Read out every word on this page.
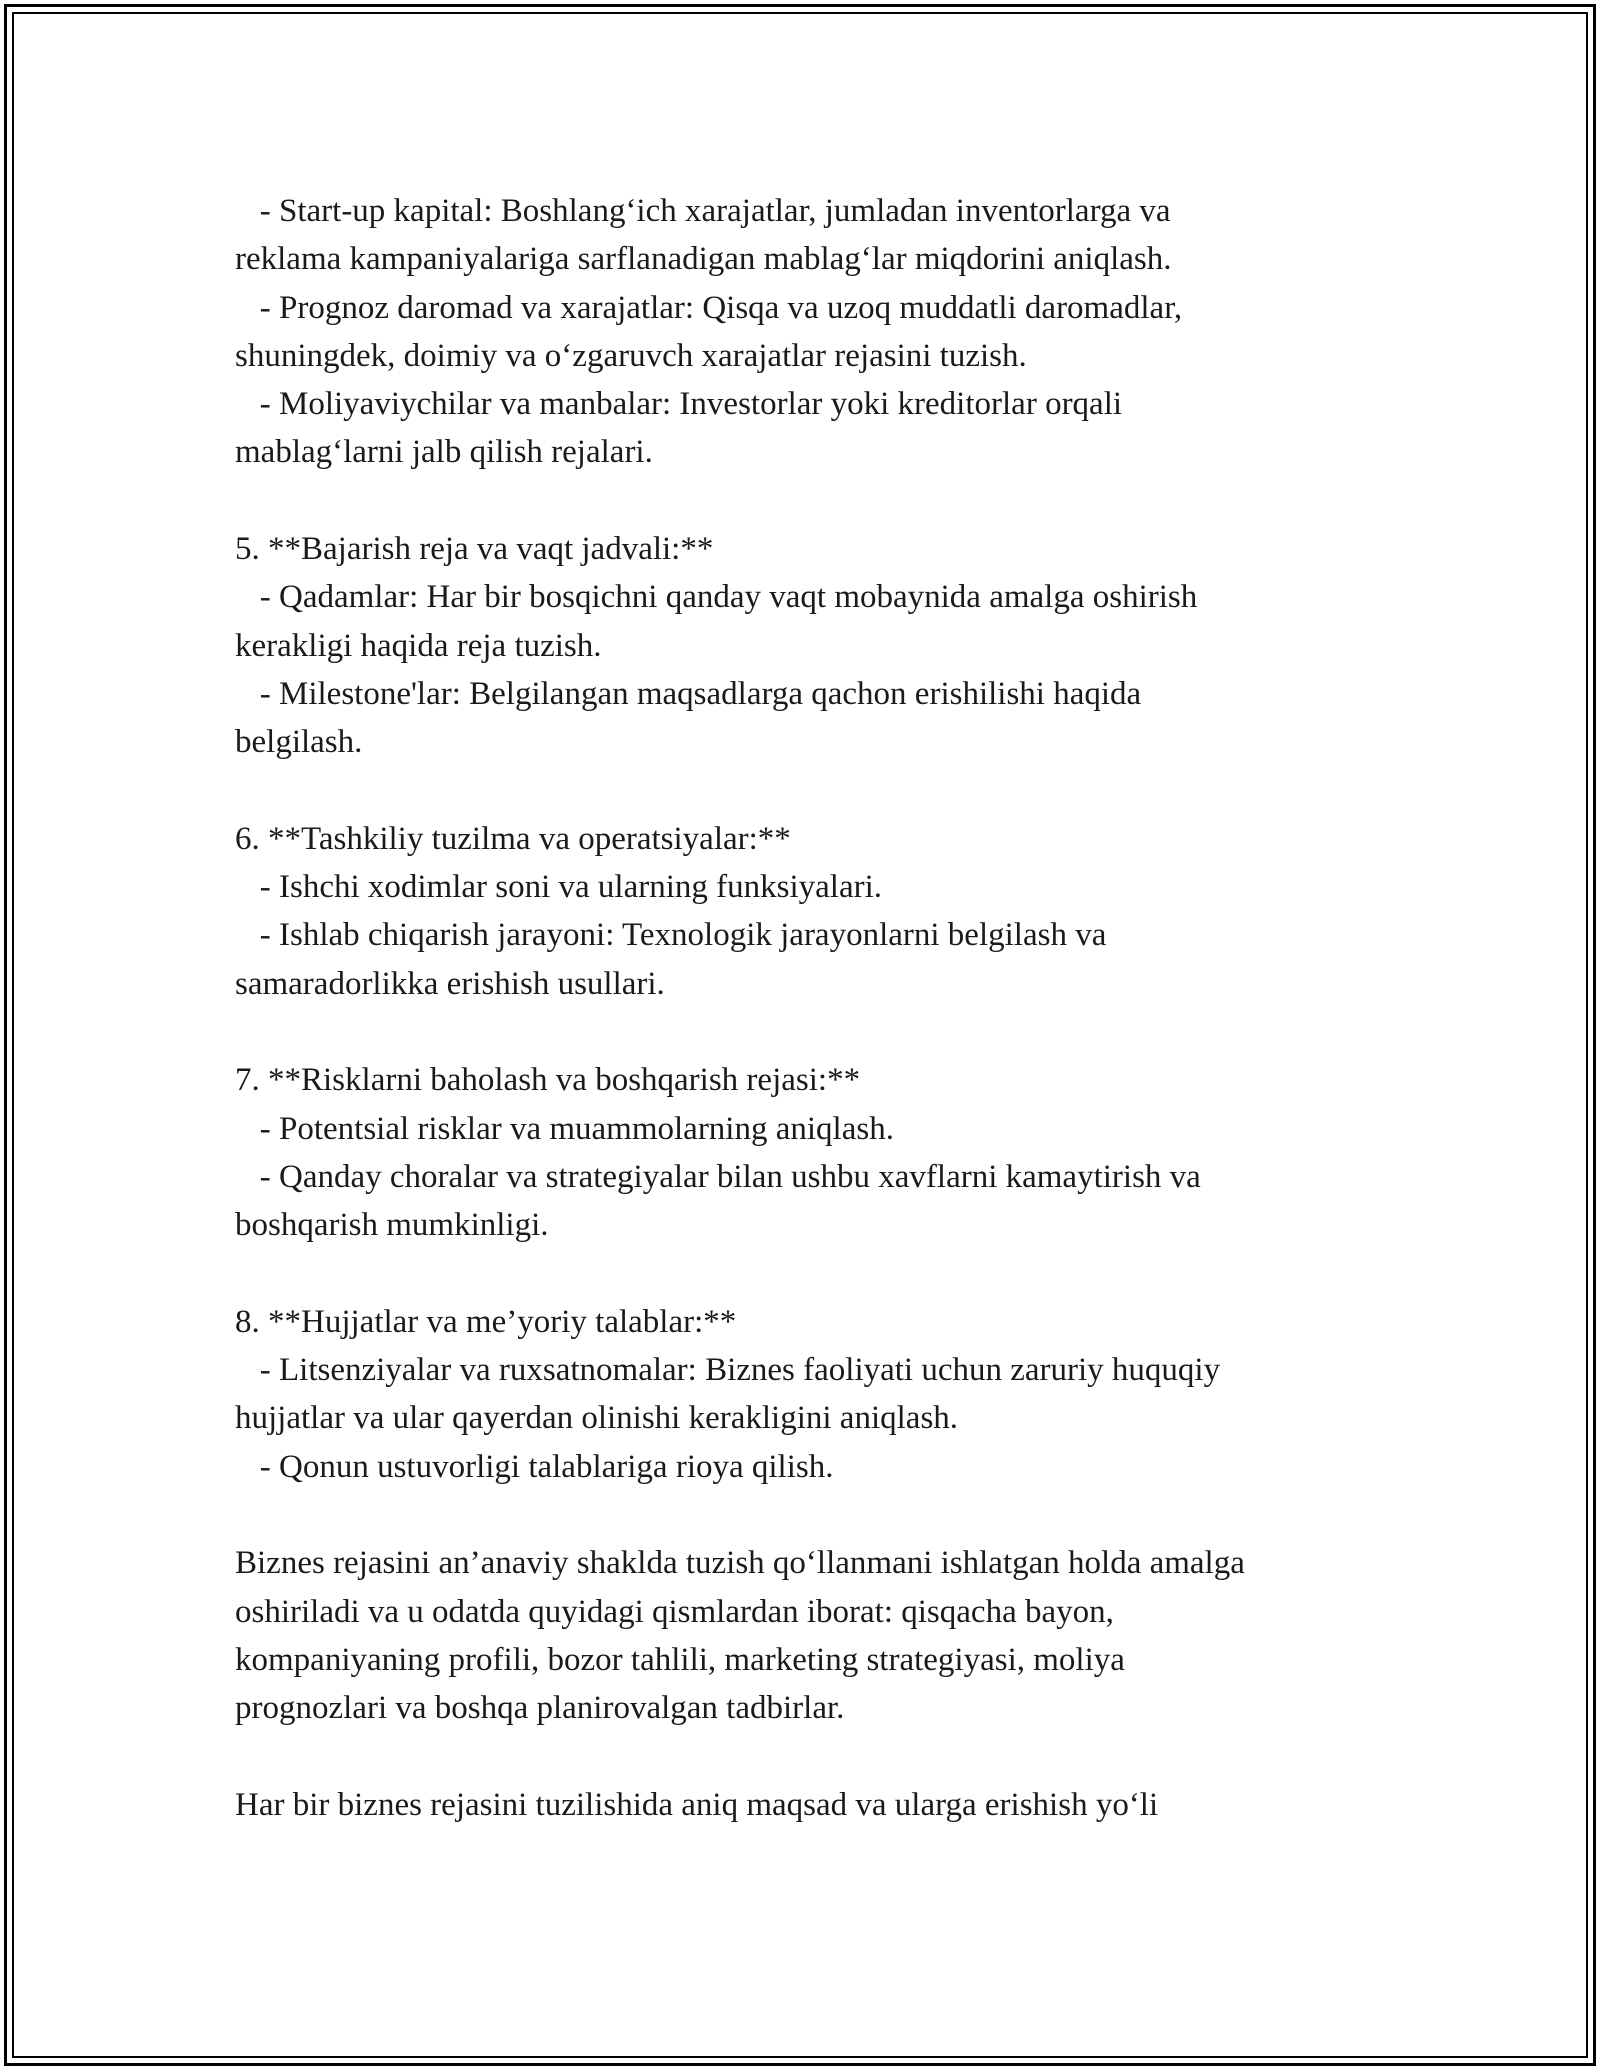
- Start-up kapital: Boshlang‘ich xarajatlar, jumladan inventorlarga va
reklama kampaniyalariga sarflanadigan mablag‘lar miqdorini aniqlash.
- Prognoz daromad va xarajatlar: Qisqa va uzoq muddatli daromadlar,
shuningdek, doimiy va o‘zgaruvch xarajatlar rejasini tuzish.
- Moliyaviychilar va manbalar: Investorlar yoki kreditorlar orqali
mablag‘larni jalb qilish rejalari.
5. **Bajarish reja va vaqt jadvali:**
- Qadamlar: Har bir bosqichni qanday vaqt mobaynida amalga oshirish
kerakligi haqida reja tuzish.
- Milestone'lar: Belgilangan maqsadlarga qachon erishilishi haqida
belgilash.
6. **Tashkiliy tuzilma va operatsiyalar:**
- Ishchi xodimlar soni va ularning funksiyalari.
- Ishlab chiqarish jarayoni: Texnologik jarayonlarni belgilash va
samaradorlikka erishish usullari.
7. **Risklarni baholash va boshqarish rejasi:**
- Potentsial risklar va muammolarning aniqlash.
- Qanday choralar va strategiyalar bilan ushbu xavflarni kamaytirish va
boshqarish mumkinligi.
8. **Hujjatlar va me’yoriy talablar:**
- Litsenziyalar va ruxsatnomalar: Biznes faoliyati uchun zaruriy huquqiy
hujjatlar va ular qayerdan olinishi kerakligini aniqlash.
- Qonun ustuvorligi talablariga rioya qilish.
Biznes rejasini an’anaviy shaklda tuzish qo‘llanmani ishlatgan holda amalga
oshiriladi va u odatda quyidagi qismlardan iborat: qisqacha bayon,
kompaniyaning profili, bozor tahlili, marketing strategiyasi, moliya
prognozlari va boshqa planirovalgan tadbirlar.
Har bir biznes rejasini tuzilishida aniq maqsad va ularga erishish yo‘li
